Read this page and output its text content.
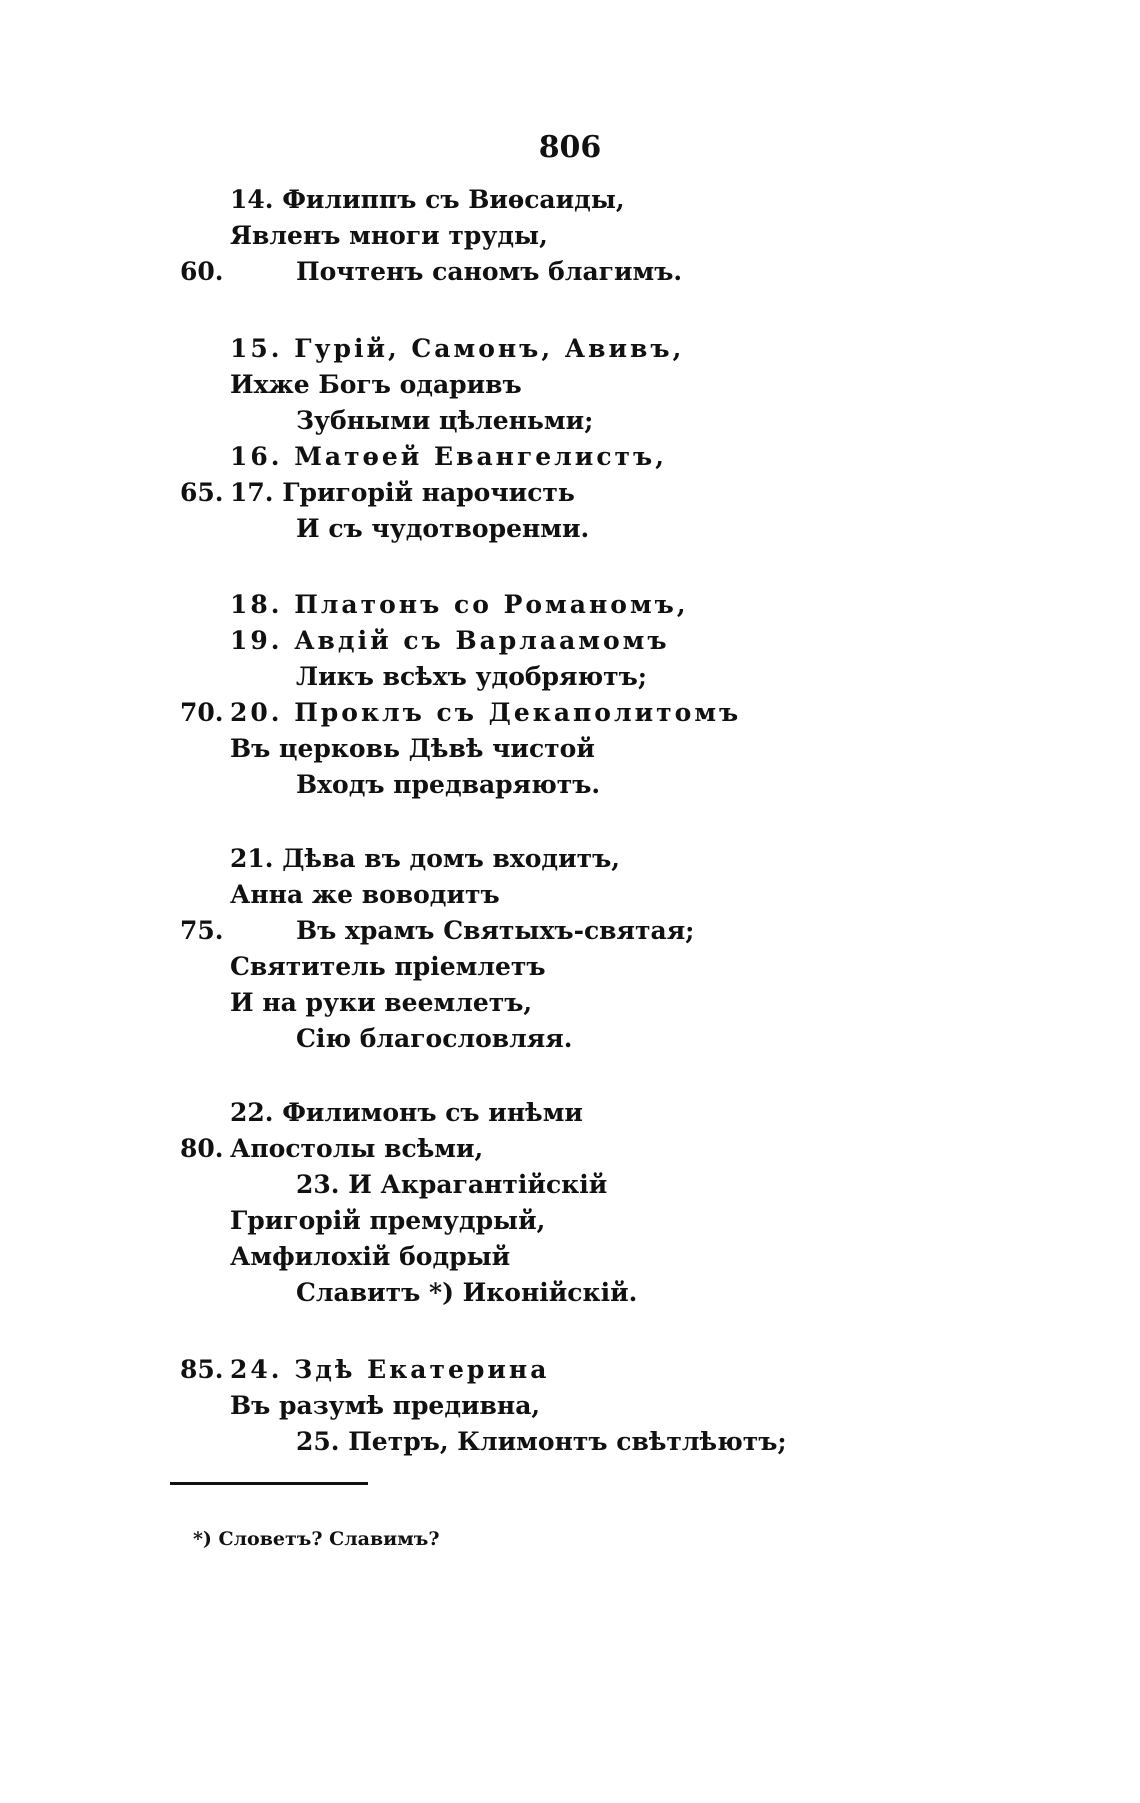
806
14. Филиппъ съ Виѳсаиды,
Явленъ многи труды,
60.	Почтенъ саномъ благимъ.
15. Гурій, Самонъ, Авивъ,
Ихже Богъ одаривъ
Зубными цѣленьми;
16. Матѳей Евангелистъ,
65. 17. Григорій нарочисть
И съ чудотворенми.
18. Платонъ со Романомъ,
19. Авдій съ Варлаамомъ
Ликъ всѣхъ удобряютъ;
70. 20. Проклъ съ Декаполитомъ
Въ церковь Дѣвѣ чистой
Входъ предваряютъ.
21. Дѣва въ домъ входитъ,
Анна же воводитъ
75.	Въ храмъ Святыхъ-святая;
Святитель пріемлетъ
И на руки веемлетъ,
Сію благословляя.
22. Филимонъ съ инѣми
80. Апостолы всѣми,
23. И Акрагантійскій
Григорій премудрый,
Амфилохій бодрый
Славитъ *) Иконійскій.
85. 24. Здѣ Екатерина
Въ разумѣ предивна,
25. Петръ, Климонтъ свѣтлѣютъ;
*) Словетъ? Славимъ?
